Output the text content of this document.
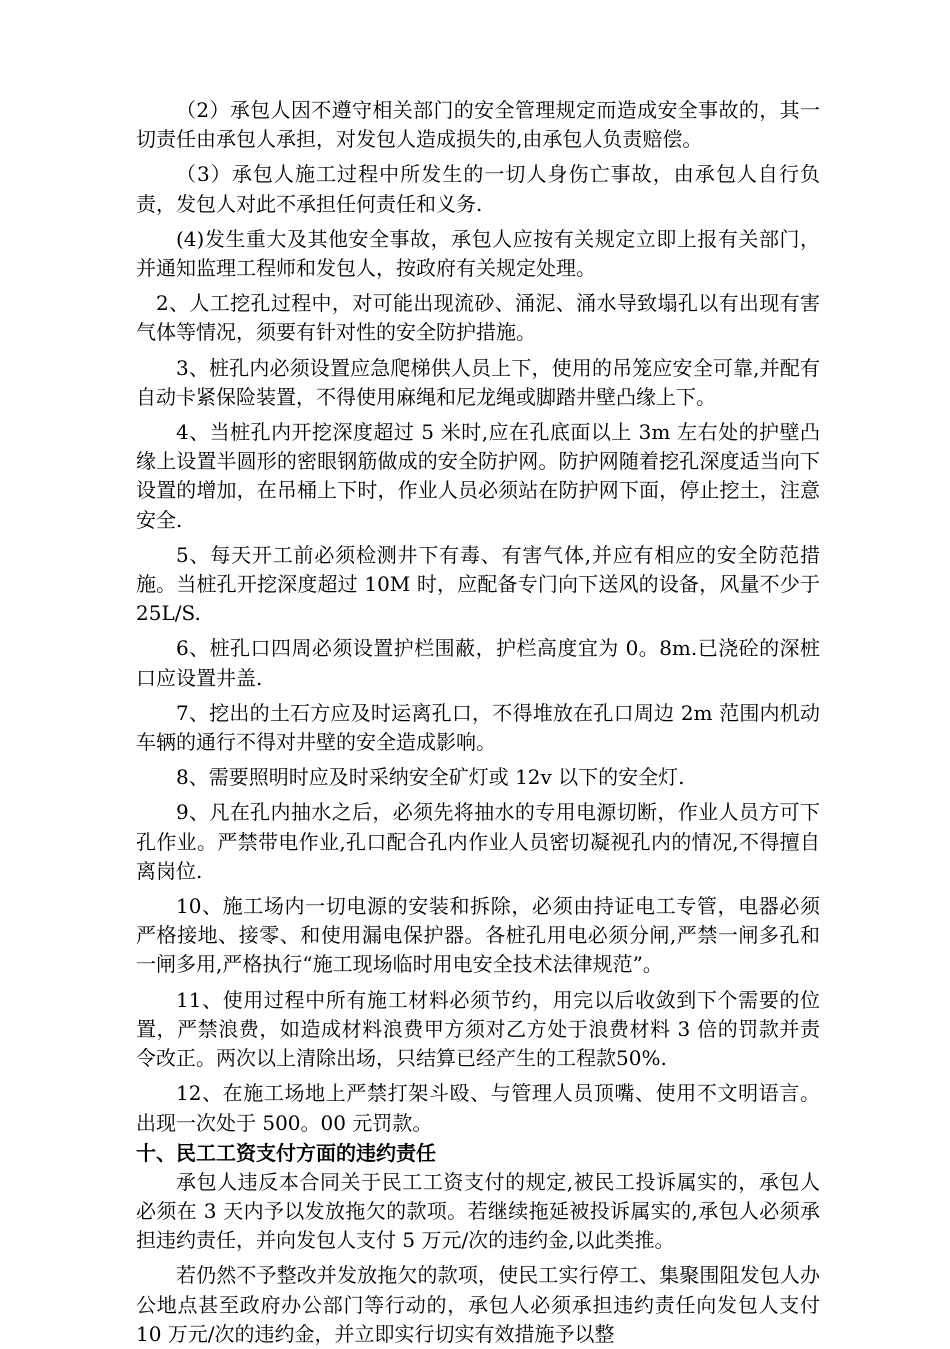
（2）承包人因不遵守相关部门的安全管理规定而造成安全事故的，其一切责任由承包人承担，对发包人造成损失的,由承包人负责赔偿。

（3）承包人施工过程中所发生的一切人身伤亡事故，由承包人自行负责，发包人对此不承担任何责任和义务.

(4)发生重大及其他安全事故，承包人应按有关规定立即上报有关部门，并通知监理工程师和发包人，按政府有关规定处理。

2、人工挖孔过程中，对可能出现流砂、涌泥、涌水导致塌孔以有出现有害气体等情况，须要有针对性的安全防护措施。

3、桩孔内必须设置应急爬梯供人员上下，使用的吊笼应安全可靠,并配有自动卡紧保险装置，不得使用麻绳和尼龙绳或脚踏井壁凸缘上下。

4、当桩孔内开挖深度超过 5 米时,应在孔底面以上 3m 左右处的护壁凸缘上设置半圆形的密眼钢筋做成的安全防护网。防护网随着挖孔深度适当向下设置的增加，在吊桶上下时，作业人员必须站在防护网下面，停止挖土，注意安全.

5、每天开工前必须检测井下有毒、有害气体,并应有相应的安全防范措施。当桩孔开挖深度超过 10M 时，应配备专门向下送风的设备，风量不少于 25L/S.

6、桩孔口四周必须设置护栏围蔽，护栏高度宜为 0。8m.已浇砼的深桩口应设置井盖.

7、挖出的土石方应及时运离孔口，不得堆放在孔口周边 2m 范围内机动车辆的通行不得对井壁的安全造成影响。

8、需要照明时应及时采纳安全矿灯或 12v 以下的安全灯.

9、凡在孔内抽水之后，必须先将抽水的专用电源切断，作业人员方可下孔作业。严禁带电作业,孔口配合孔内作业人员密切凝视孔内的情况,不得擅自离岗位.

10、施工场内一切电源的安装和拆除，必须由持证电工专管，电器必须严格接地、接零、和使用漏电保护器。各桩孔用电必须分闸,严禁一闸多孔和一闸多用,严格执行“施工现场临时用电安全技术法律规范”。

11、使用过程中所有施工材料必须节约，用完以后收敛到下个需要的位置，严禁浪费，如造成材料浪费甲方须对乙方处于浪费材料 3 倍的罚款并责令改正。两次以上清除出场，只结算已经产生的工程款50%.

12、在施工场地上严禁打架斗殴、与管理人员顶嘴、使用不文明语言。出现一次处于 500。00 元罚款。

十、民工工资支付方面的违约责任

承包人违反本合同关于民工工资支付的规定,被民工投诉属实的，承包人必须在 3 天内予以发放拖欠的款项。若继续拖延被投诉属实的,承包人必须承担违约责任，并向发包人支付 5 万元/次的违约金,以此类推。

若仍然不予整改并发放拖欠的款项，使民工实行停工、集聚围阻发包人办公地点甚至政府办公部门等行动的，承包人必须承担违约责任向发包人支付 10 万元/次的违约金，并立即实行切实有效措施予以整
